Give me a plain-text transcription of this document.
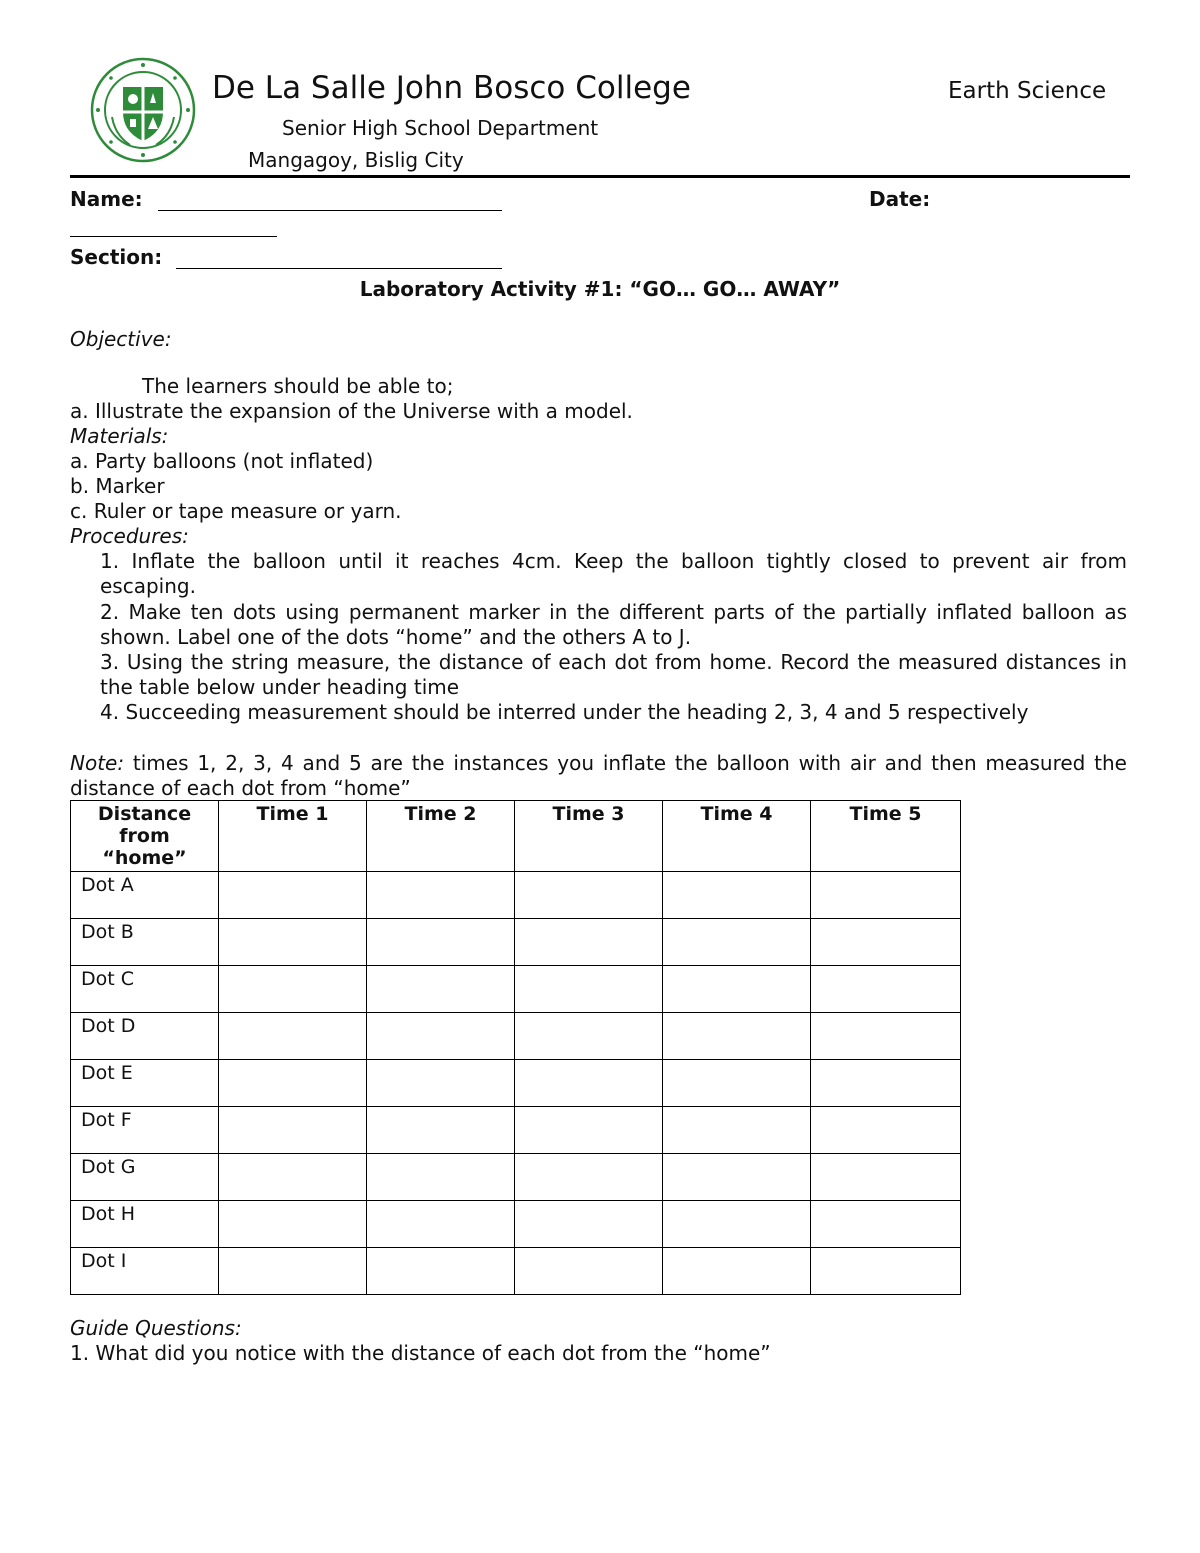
De La Salle John Bosco College	Earth Science
Senior High School Department
Mangagoy, Bislig City
Name:	Date:
Section:
Laboratory Activity #1: “GO… GO… AWAY”
Objective:
The learners should be able to;
a. Illustrate the expansion of the Universe with a model.
Materials:
a. Party balloons (not inflated)
b. Marker
c. Ruler or tape measure or yarn.
Procedures:
1. Inflate the balloon until it reaches 4cm. Keep the balloon tightly closed to prevent air from escaping.
2. Make ten dots using permanent marker in the different parts of the partially inflated balloon as shown. Label one of the dots “home” and the others A to J.
3. Using the string measure, the distance of each dot from home. Record the measured distances in the table below under heading time
4. Succeeding measurement should be interred under the heading 2, 3, 4 and 5 respectively
Note: times 1, 2, 3, 4 and 5 are the instances you inflate the balloon with air and then measured the distance of each dot from “home”
Distance from “home”	Time 1	Time 2	Time 3	Time 4	Time 5
Dot A					
Dot B					
Dot C					
Dot D					
Dot E					
Dot F					
Dot G					
Dot H					
Dot I					
Guide Questions:
1. What did you notice with the distance of each dot from the “home”
